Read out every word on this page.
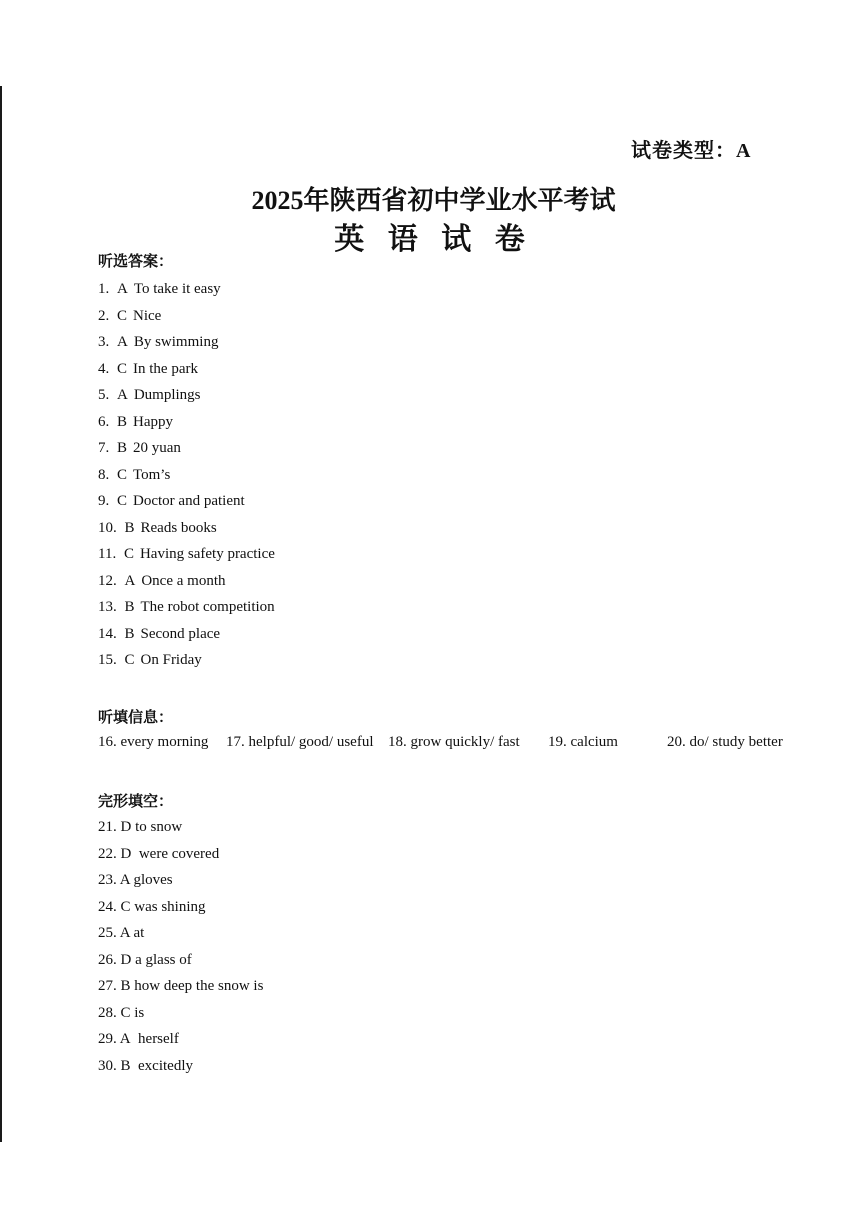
试卷类型：A
2025年陕西省初中学业水平考试
英 语 试 卷
听选答案：
1. A To take it easy
2. C Nice
3. A By swimming
4. C In the park
5. A Dumplings
6. B Happy
7. B 20 yuan
8. C Tom’s
9. C Doctor and patient
10. B Reads books
11. C Having safety practice
12. A Once a month
13. B The robot competition
14. B Second place
15. C On Friday
听填信息：
16. every morning 17. helpful/ good/ useful 18. grow quickly/ fast 19. calcium	20. do/ study better
完形填空：
21. D to snow
22. D were covered
23. A gloves
24. C was shining
25. A at
26. D a glass of
27. B how deep the snow is
28. C is
29. A herself
30. B excitedly
